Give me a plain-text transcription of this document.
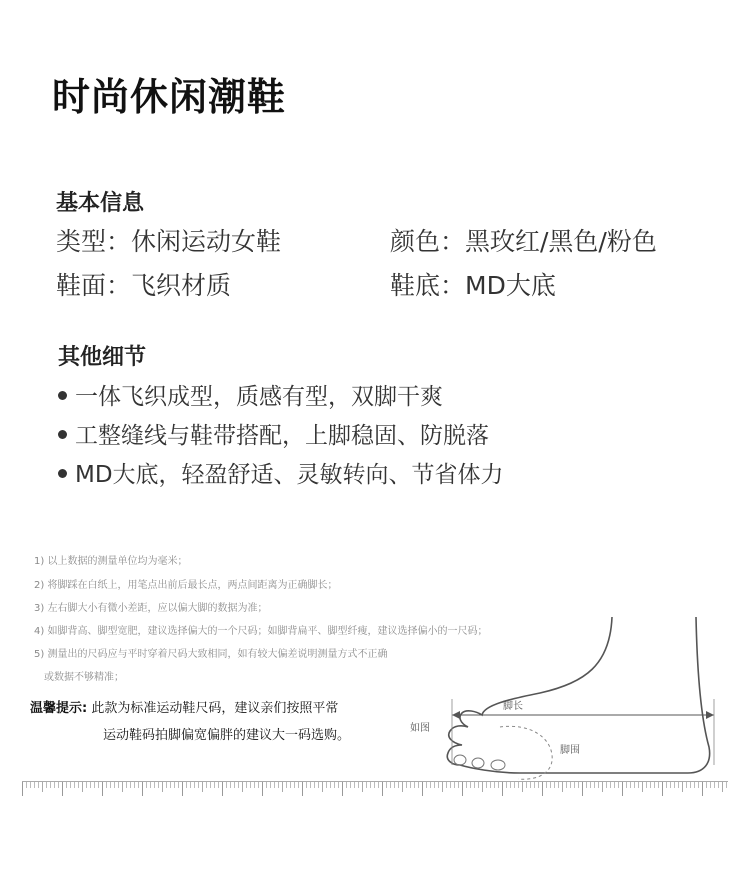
时尚休闲潮鞋
基本信息
类型：休闲运动女鞋	颜色：黑玫红/黑色/粉色
鞋面：飞织材质	鞋底：MD大底
其他细节
一体飞织成型，质感有型，双脚干爽
工整缝线与鞋带搭配，上脚稳固、防脱落
MD大底，轻盈舒适、灵敏转向、节省体力
1) 以上数据的测量单位均为毫米；
2) 将脚踩在白纸上，用笔点出前后最长点，两点间距离为正确脚长；
3) 左右脚大小有微小差距，应以偏大脚的数据为准；
4) 如脚背高、脚型宽肥，建议选择偏大的一个尺码；如脚背扁平、脚型纤瘦，建议选择偏小的一尺码；
5) 测量出的尺码应与平时穿着尺码大致相同，如有较大偏差说明测量方式不正确
或数据不够精准；
温馨提示: 此款为标准运动鞋尺码，建议亲们按照平常
运动鞋码拍脚偏宽偏胖的建议大一码选购。
脚长
如图
脚围
